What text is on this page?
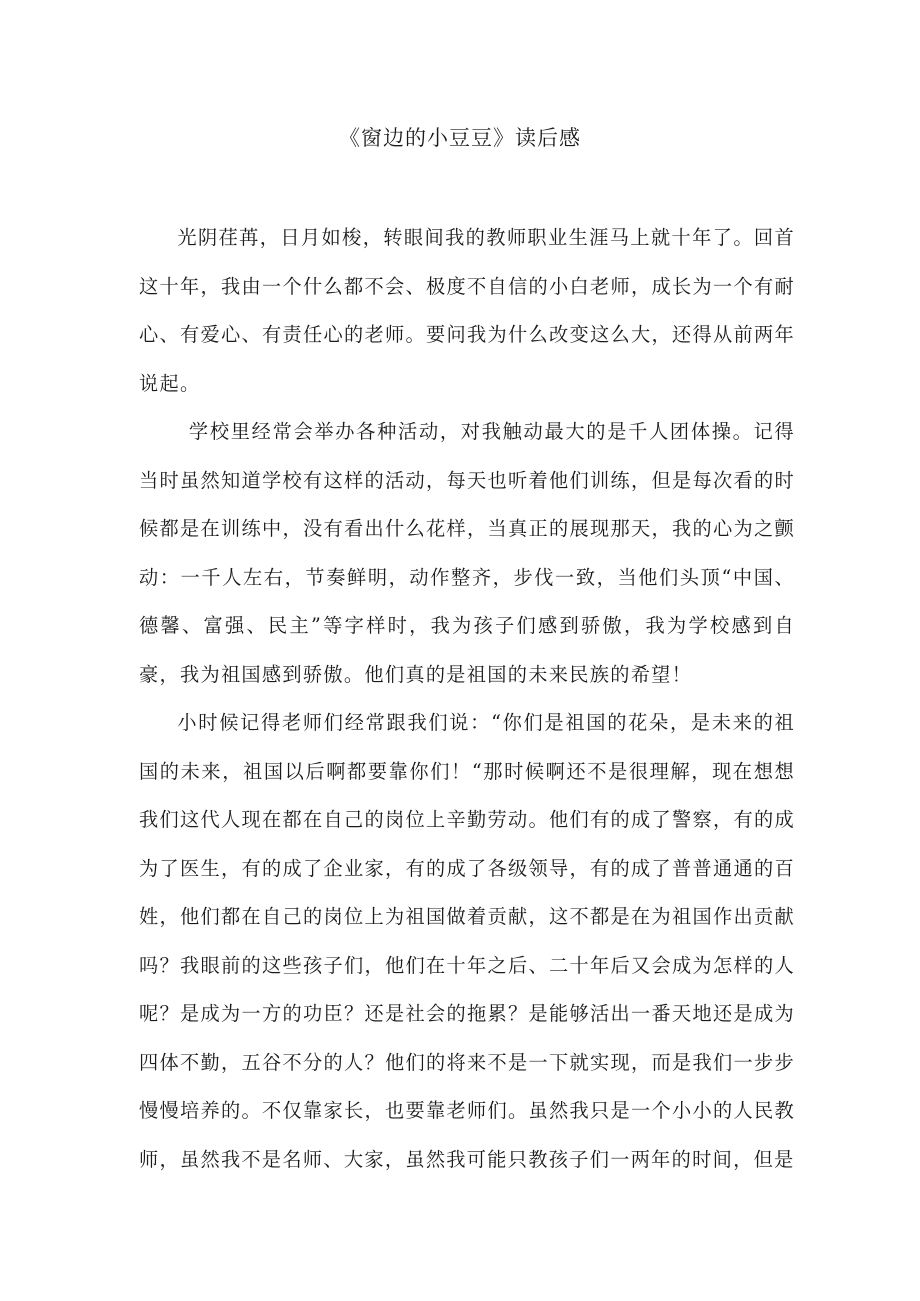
《窗边的小豆豆》读后感

光阴荏苒，日月如梭，转眼间我的教师职业生涯马上就十年了。回首这十年，我由一个什么都不会、极度不自信的小白老师，成长为一个有耐心、有爱心、有责任心的老师。要问我为什么改变这么大，还得从前两年说起。

学校里经常会举办各种活动，对我触动最大的是千人团体操。记得当时虽然知道学校有这样的活动，每天也听着他们训练，但是每次看的时候都是在训练中，没有看出什么花样，当真正的展现那天，我的心为之颤动：一千人左右，节奏鲜明，动作整齐，步伐一致，当他们头顶“中国、德馨、富强、民主”等字样时，我为孩子们感到骄傲，我为学校感到自豪，我为祖国感到骄傲。他们真的是祖国的未来民族的希望！

小时候记得老师们经常跟我们说：“你们是祖国的花朵，是未来的祖国的未来，祖国以后啊都要靠你们！“那时候啊还不是很理解，现在想想我们这代人现在都在自己的岗位上辛勤劳动。他们有的成了警察，有的成为了医生，有的成了企业家，有的成了各级领导，有的成了普普通通的百姓，他们都在自己的岗位上为祖国做着贡献，这不都是在为祖国作出贡献吗？我眼前的这些孩子们，他们在十年之后、二十年后又会成为怎样的人呢？是成为一方的功臣？还是社会的拖累？是能够活出一番天地还是成为四体不勤，五谷不分的人？他们的将来不是一下就实现，而是我们一步步慢慢培养的。不仅靠家长，也要靠老师们。虽然我只是一个小小的人民教师，虽然我不是名师、大家，虽然我可能只教孩子们一两年的时间，但是
